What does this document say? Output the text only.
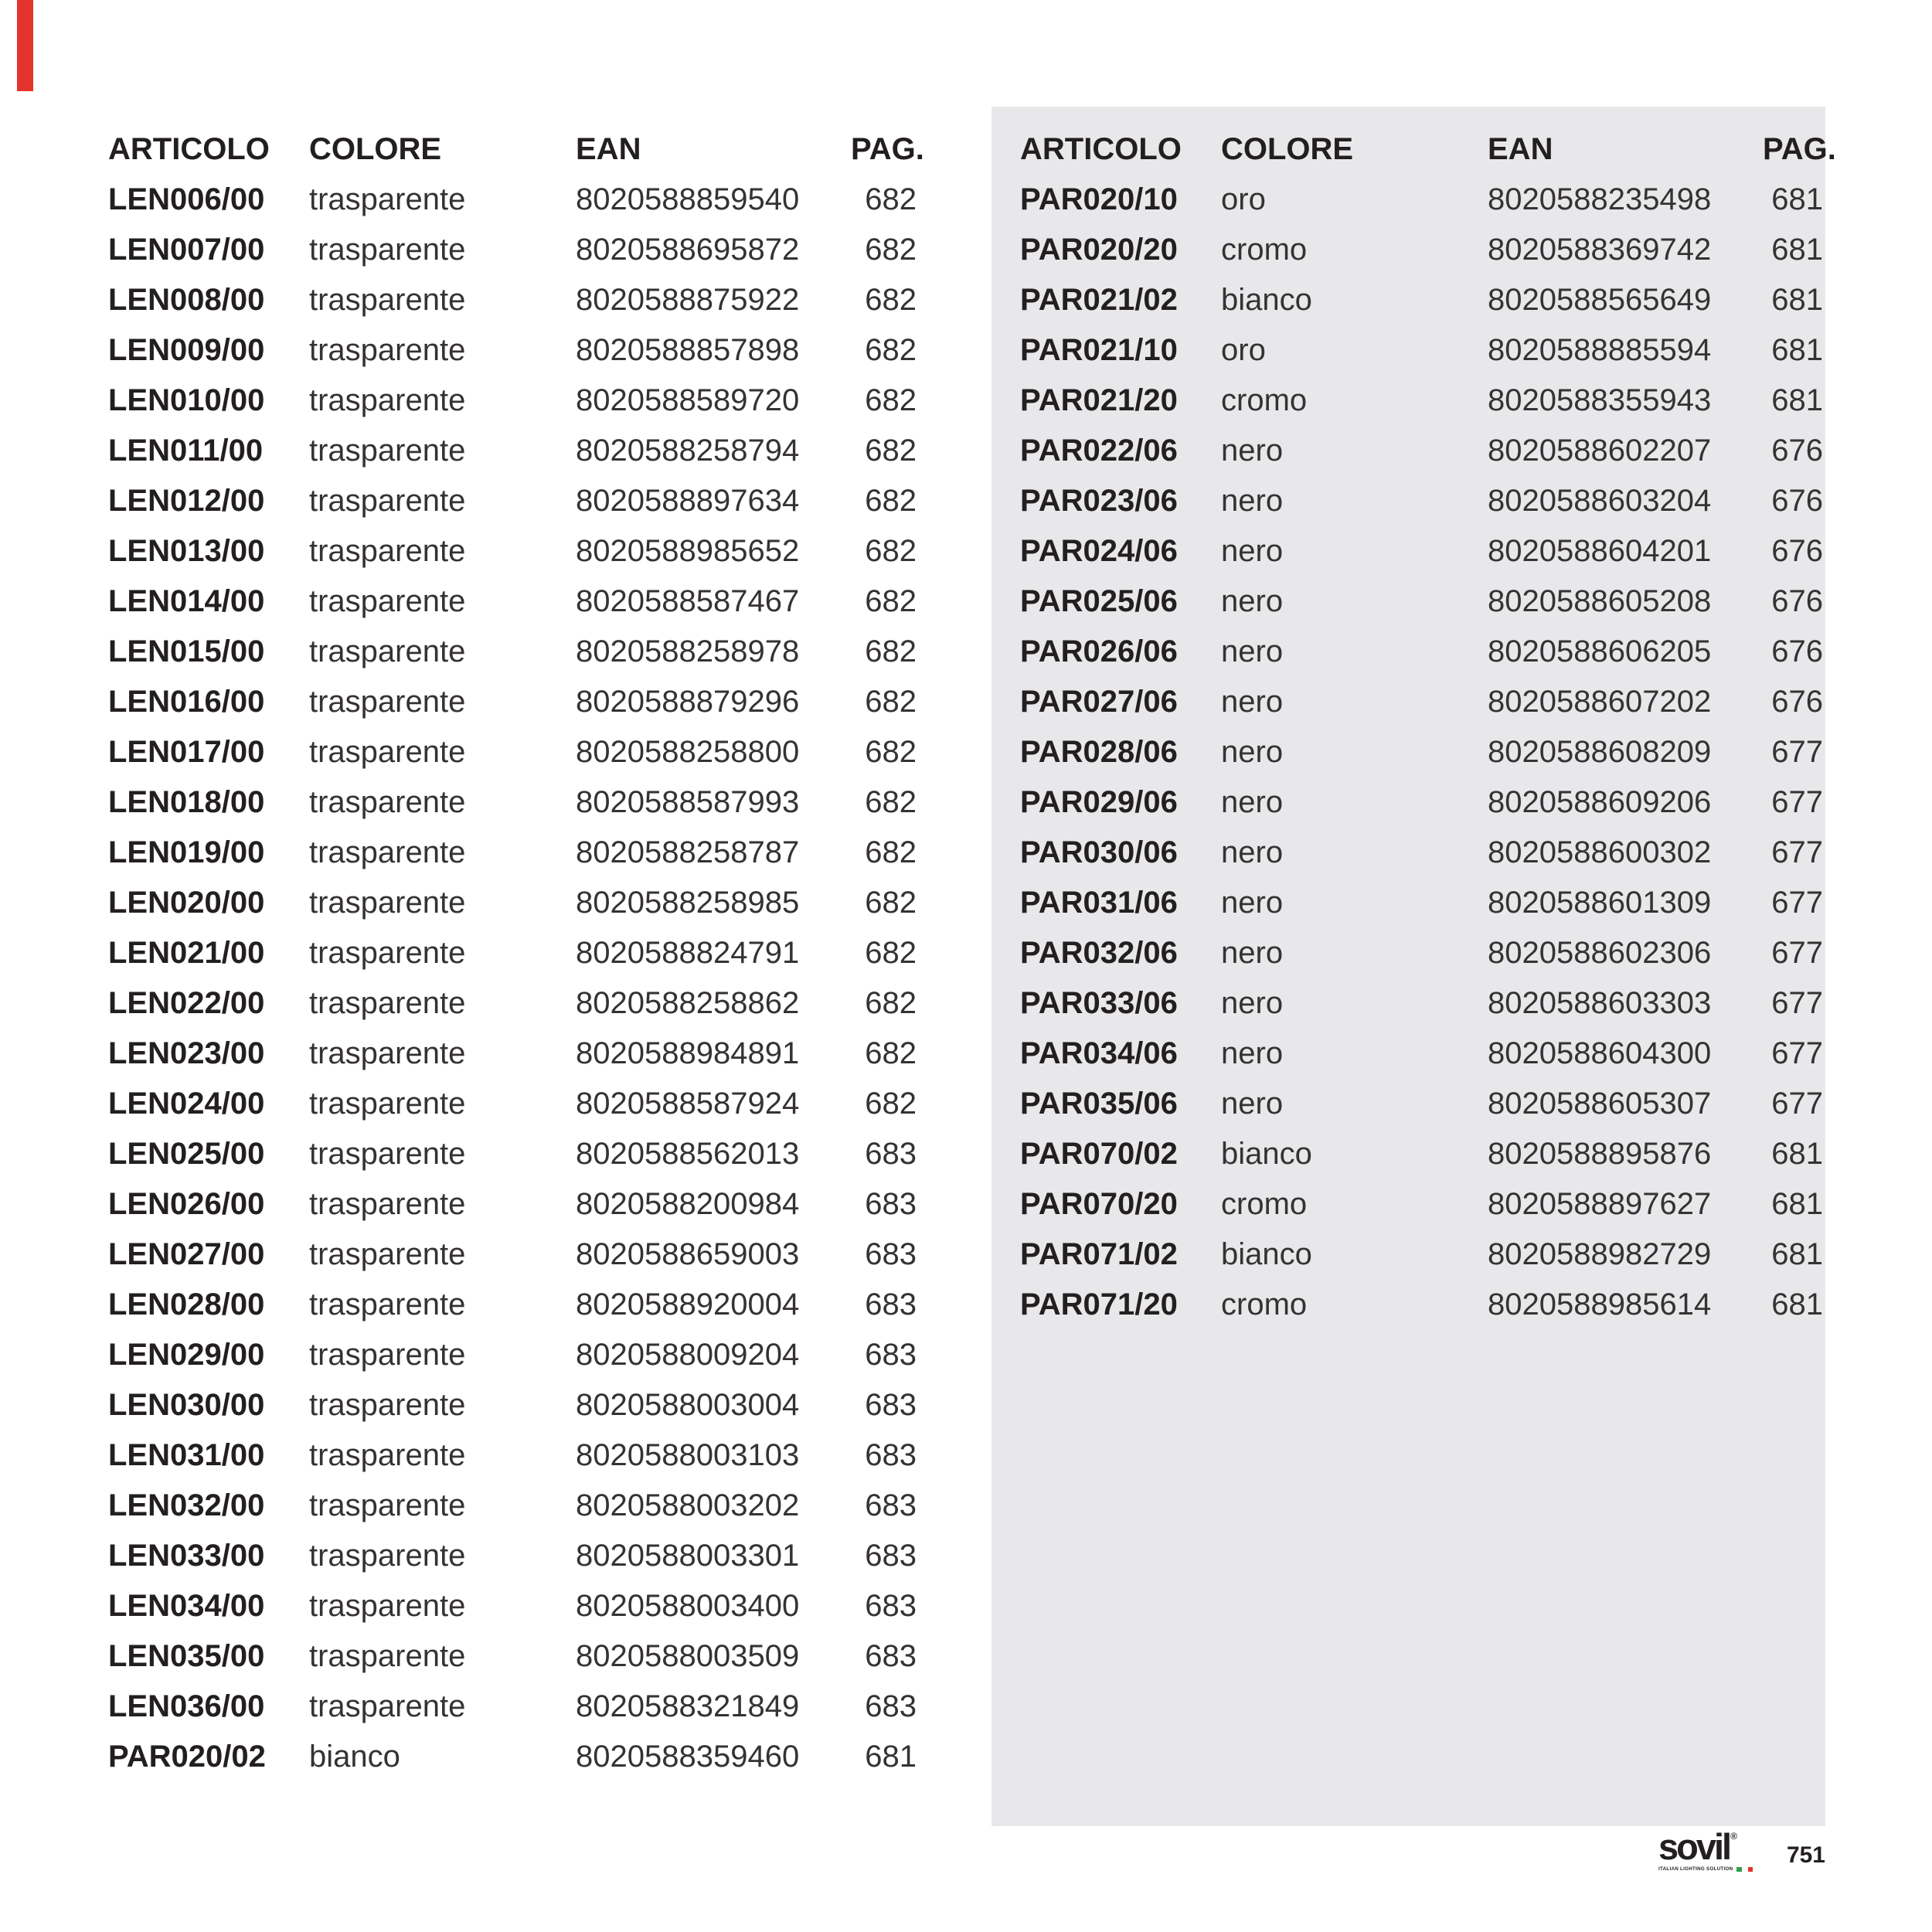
ARTICOLO	COLORE	EAN	PAG.
LEN006/00	trasparente	8020588859540	682
LEN007/00	trasparente	8020588695872	682
LEN008/00	trasparente	8020588875922	682
LEN009/00	trasparente	8020588857898	682
LEN010/00	trasparente	8020588589720	682
LEN011/00	trasparente	8020588258794	682
LEN012/00	trasparente	8020588897634	682
LEN013/00	trasparente	8020588985652	682
LEN014/00	trasparente	8020588587467	682
LEN015/00	trasparente	8020588258978	682
LEN016/00	trasparente	8020588879296	682
LEN017/00	trasparente	8020588258800	682
LEN018/00	trasparente	8020588587993	682
LEN019/00	trasparente	8020588258787	682
LEN020/00	trasparente	8020588258985	682
LEN021/00	trasparente	8020588824791	682
LEN022/00	trasparente	8020588258862	682
LEN023/00	trasparente	8020588984891	682
LEN024/00	trasparente	8020588587924	682
LEN025/00	trasparente	8020588562013	683
LEN026/00	trasparente	8020588200984	683
LEN027/00	trasparente	8020588659003	683
LEN028/00	trasparente	8020588920004	683
LEN029/00	trasparente	8020588009204	683
LEN030/00	trasparente	8020588003004	683
LEN031/00	trasparente	8020588003103	683
LEN032/00	trasparente	8020588003202	683
LEN033/00	trasparente	8020588003301	683
LEN034/00	trasparente	8020588003400	683
LEN035/00	trasparente	8020588003509	683
LEN036/00	trasparente	8020588321849	683
PAR020/02	bianco	8020588359460	681
ARTICOLO	COLORE	EAN	PAG.
PAR020/10	oro	8020588235498	681
PAR020/20	cromo	8020588369742	681
PAR021/02	bianco	8020588565649	681
PAR021/10	oro	8020588885594	681
PAR021/20	cromo	8020588355943	681
PAR022/06	nero	8020588602207	676
PAR023/06	nero	8020588603204	676
PAR024/06	nero	8020588604201	676
PAR025/06	nero	8020588605208	676
PAR026/06	nero	8020588606205	676
PAR027/06	nero	8020588607202	676
PAR028/06	nero	8020588608209	677
PAR029/06	nero	8020588609206	677
PAR030/06	nero	8020588600302	677
PAR031/06	nero	8020588601309	677
PAR032/06	nero	8020588602306	677
PAR033/06	nero	8020588603303	677
PAR034/06	nero	8020588604300	677
PAR035/06	nero	8020588605307	677
PAR070/02	bianco	8020588895876	681
PAR070/20	cromo	8020588897627	681
PAR071/02	bianco	8020588982729	681
PAR071/20	cromo	8020588985614	681
sovil®
ITALIAN LIGHTING SOLUTION
751
